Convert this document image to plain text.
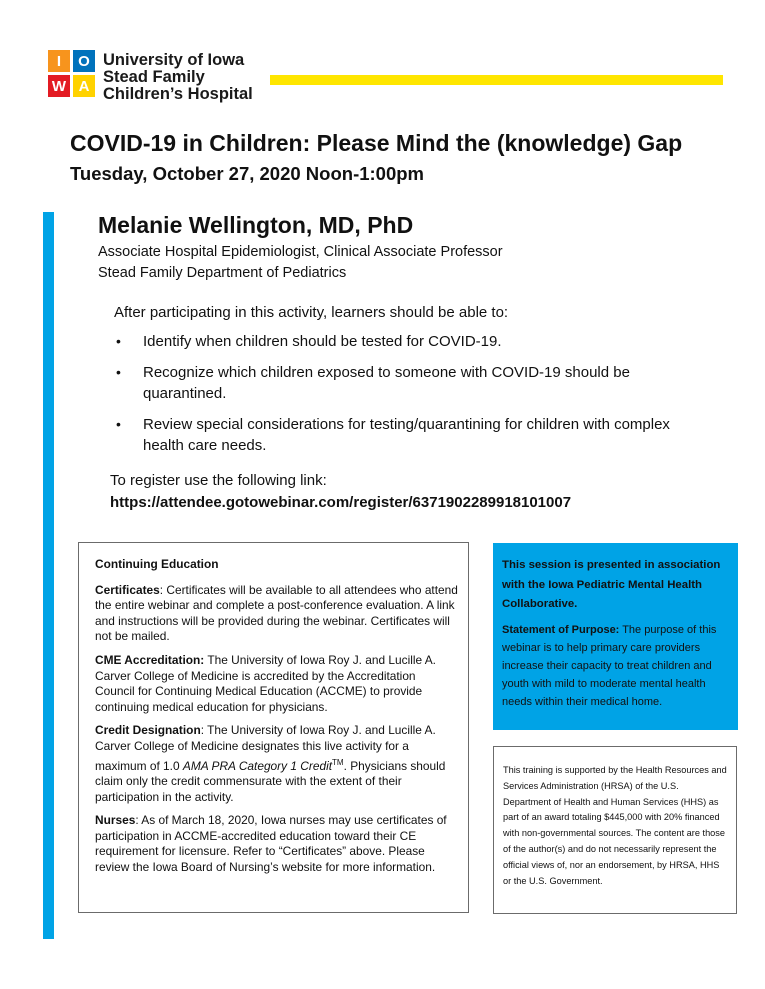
I	O
W A
University of Iowa
Stead Family
Children’s Hospital
COVID-19 in Children: Please Mind the (knowledge) Gap
Tuesday, October 27, 2020 Noon-1:00pm
Melanie Wellington, MD, PhD
Associate Hospital Epidemiologist, Clinical Associate Professor
Stead Family Department of Pediatrics
After participating in this activity, learners should be able to:
• Identify when children should be tested for COVID-19.
• Recognize which children exposed to someone with COVID-19 should be quarantined.
• Review special considerations for testing/quarantining for children with complex health care needs.
To register use the following link:
https://attendee.gotowebinar.com/register/6371902289918101007

Continuing Education

Certificates: Certificates will be available to all attendees who attend the entire webinar and complete a post-conference evaluation. A link and instructions will be provided during the webinar. Certificates will not be mailed.

CME Accreditation: The University of Iowa Roy J. and Lucille A. Carver College of Medicine is accredited by the Accreditation Council for Continuing Medical Education (ACCME) to provide continuing medical education for physicians.

Credit Designation: The University of Iowa Roy J. and Lucille A. Carver College of Medicine designates this live activity for a maximum of 1.0 AMA PRA Category 1 Credit™. Physicians should claim only the credit commensurate with the extent of their participation in the activity.

Nurses: As of March 18, 2020, Iowa nurses may use certificates of participation in ACCME-accredited education toward their CE requirement for licensure. Refer to “Certificates” above. Please review the Iowa Board of Nursing’s website for more information.

This session is presented in association with the Iowa Pediatric Mental Health Collaborative.

Statement of Purpose: The purpose of this webinar is to help primary care providers increase their capacity to treat children and youth with mild to moderate mental health needs within their medical home.

This training is supported by the Health Resources and Services Administration (HRSA) of the U.S. Department of Health and Human Services (HHS) as part of an award totaling $445,000 with 20% financed with non-governmental sources. The content are those of the author(s) and do not necessarily represent the official views of, nor an endorsement, by HRSA, HHS or the U.S. Government.
